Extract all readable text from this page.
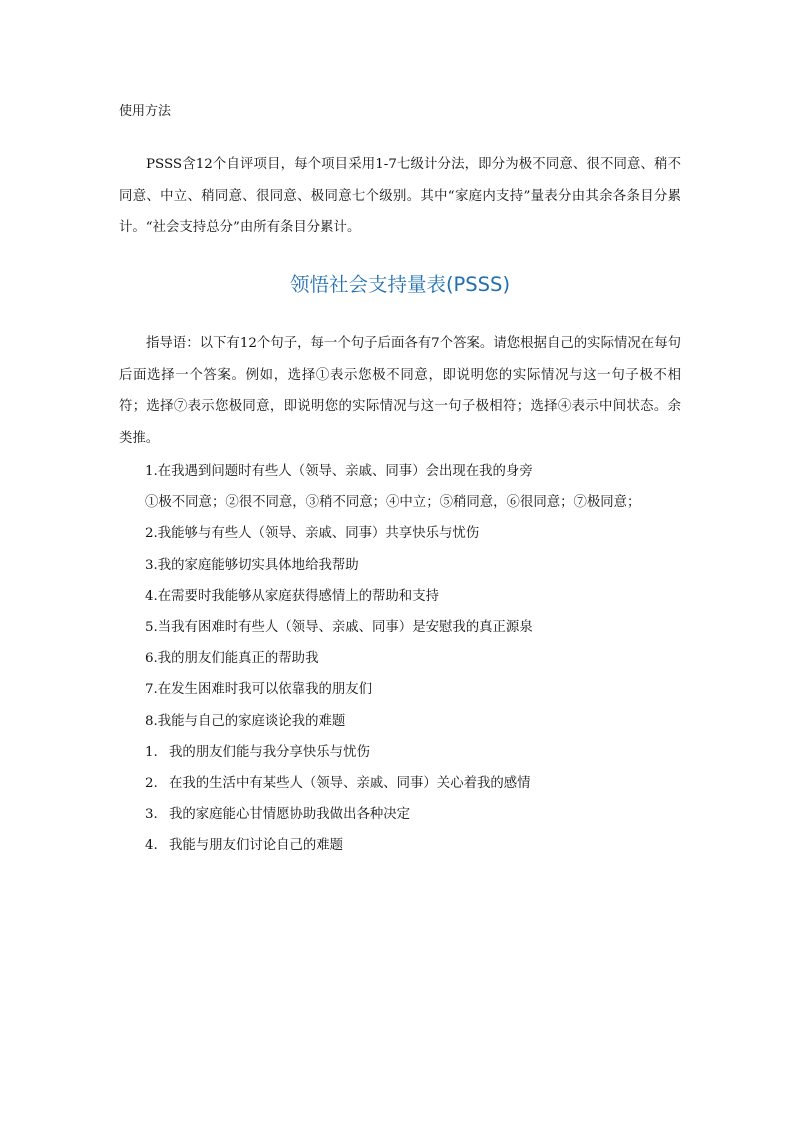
使用方法

PSSS含12个自评项目，每个项目采用1-7七级计分法，即分为极不同意、很不同意、稍不同意、中立、稍同意、很同意、极同意七个级别。其中“家庭内支持”量表分由其余各条目分累计。“社会支持总分”由所有条目分累计。

领悟社会支持量表(PSSS)

指导语：以下有12个句子，每一个句子后面各有7个答案。请您根据自己的实际情况在每句后面选择一个答案。例如，选择①表示您极不同意，即说明您的实际情况与这一句子极不相符；选择⑦表示您极同意，即说明您的实际情况与这一句子极相符；选择④表示中间状态。余类推。

1.在我遇到问题时有些人（领导、亲戚、同事）会出现在我的身旁
①极不同意；②很不同意，③稍不同意；④中立；⑤稍同意，⑥很同意；⑦极同意；
2.我能够与有些人（领导、亲戚、同事）共享快乐与忧伤
3.我的家庭能够切实具体地给我帮助
4.在需要时我能够从家庭获得感情上的帮助和支持
5.当我有困难时有些人（领导、亲戚、同事）是安慰我的真正源泉
6.我的朋友们能真正的帮助我
7.在发生困难时我可以依靠我的朋友们
8.我能与自己的家庭谈论我的难题
1. 我的朋友们能与我分享快乐与忧伤
2. 在我的生活中有某些人（领导、亲戚、同事）关心着我的感情
3. 我的家庭能心甘情愿协助我做出各种决定
4. 我能与朋友们讨论自己的难题
